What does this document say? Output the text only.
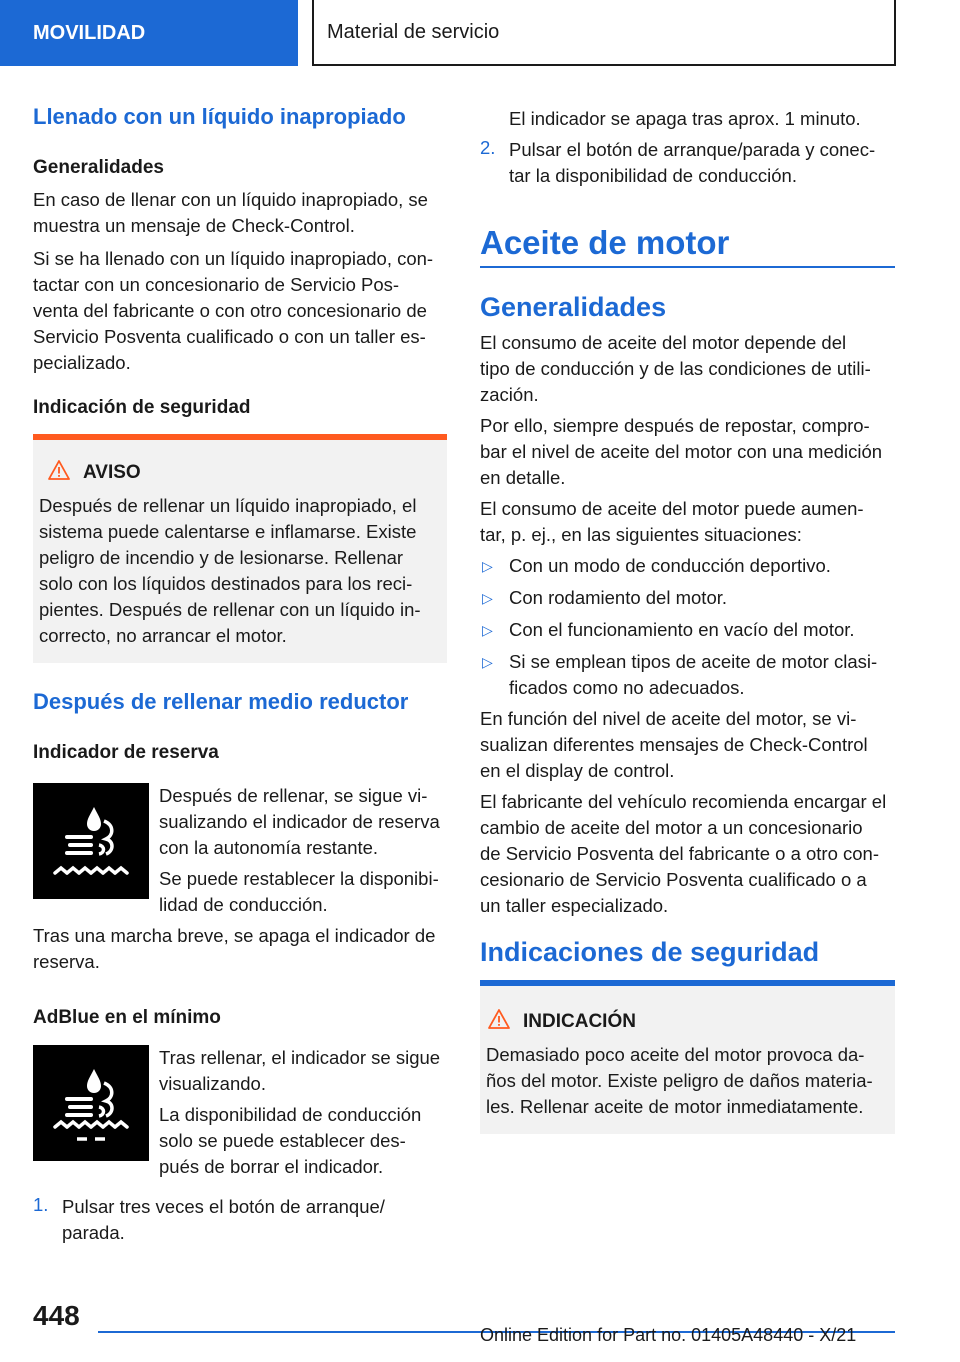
MOVILIDAD	Material de servicio
Llenado con un líquido inapropiado
Generalidades

En caso de llenar con un líquido inapropiado, se

muestra un mensaje de Check-Control.

Si se ha llenado con un líquido inapropiado, con‐

tactar con un concesionario de Servicio Pos‐

venta del fabricante o con otro concesionario de

Servicio Posventa cualificado o con un taller es‐

pecializado.

Indicación de seguridad
AVISO

Después de rellenar un líquido inapropiado, el

sistema puede calentarse e inflamarse. Existe

peligro de incendio y de lesionarse. Rellenar

solo con los líquidos destinados para los reci‐

pientes. Después de rellenar con un líquido in‐

correcto, no arrancar el motor.

Después de rellenar medio reductor
Indicador de reserva

Después de rellenar, se sigue vi‐

sualizando el indicador de reserva

con la autonomía restante.

Se puede restablecer la disponibi‐

lidad de conducción.

Tras una marcha breve, se apaga el indicador de

reserva.

AdBlue en el mínimo

Tras rellenar, el indicador se sigue

visualizando.

La disponibilidad de conducción

solo se puede establecer des‐

pués de borrar el indicador.

1. Pulsar tres veces el botón de arranque/

parada.

El indicador se apaga tras aprox. 1 minuto.

2. Pulsar el botón de arranque/parada y conec‐

tar la disponibilidad de conducción.

Aceite de motor
Generalidades

El consumo de aceite del motor depende del

tipo de conducción y de las condiciones de utili‐

zación.

Por ello, siempre después de repostar, compro‐

bar el nivel de aceite del motor con una medición

en detalle.

El consumo de aceite del motor puede aumen‐

tar, p. ej., en las siguientes situaciones:

▷ Con un modo de conducción deportivo.

▷ Con rodamiento del motor.

▷ Con el funcionamiento en vacío del motor.

▷ Si se emplean tipos de aceite de motor clasi‐

ficados como no adecuados.

En función del nivel de aceite del motor, se vi‐

sualizan diferentes mensajes de Check-Control

en el display de control.

El fabricante del vehículo recomienda encargar el

cambio de aceite del motor a un concesionario

de Servicio Posventa del fabricante o a otro con‐

cesionario de Servicio Posventa cualificado o a

un taller especializado.

Indicaciones de seguridad
INDICACIÓN

Demasiado poco aceite del motor provoca da‐

ños del motor. Existe peligro de daños materia‐

les. Rellenar aceite de motor inmediatamente.

448
Online Edition for Part no. 01405A48440 - X/21
